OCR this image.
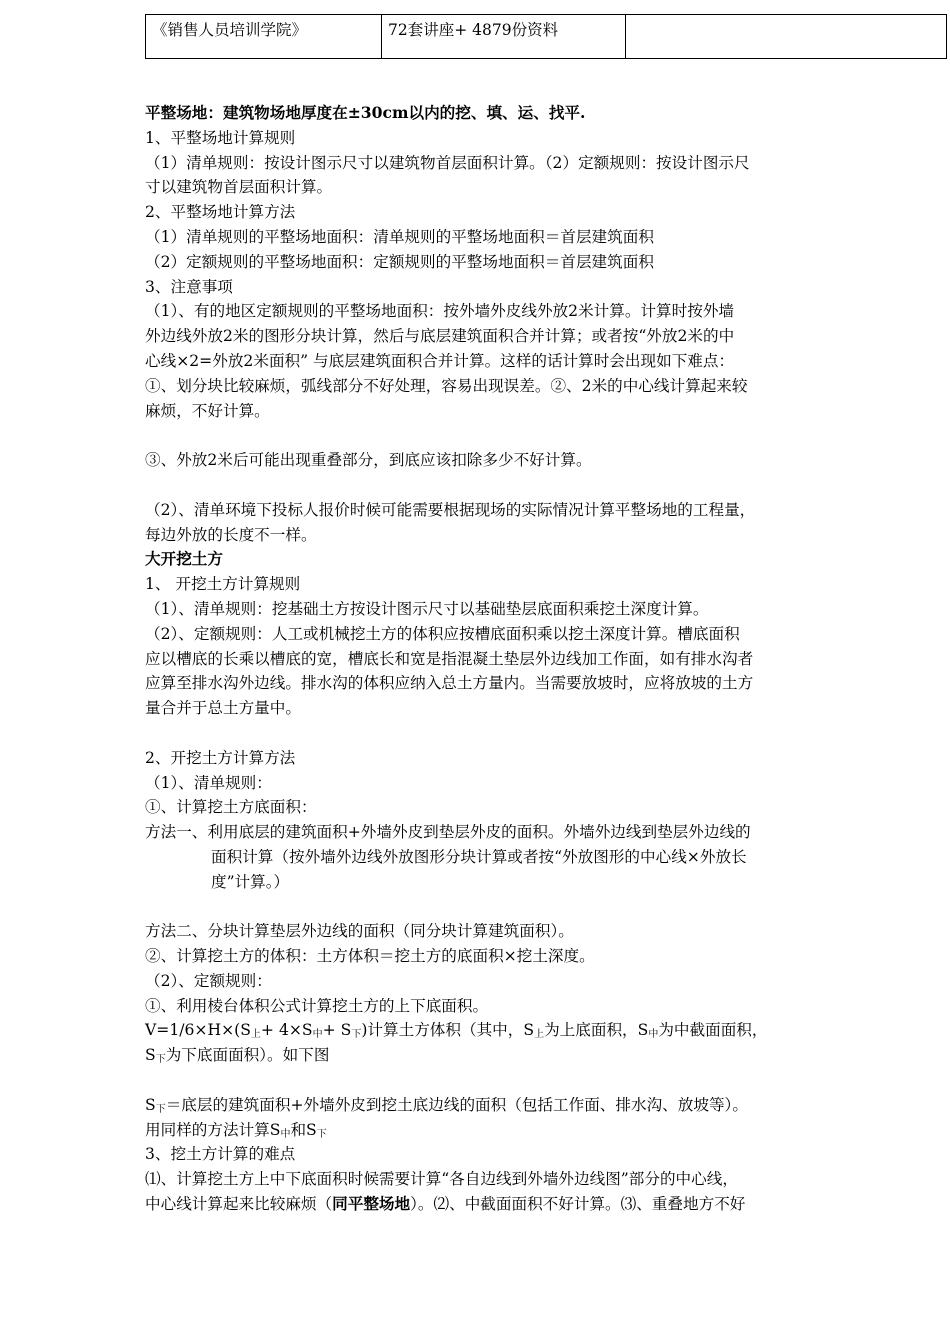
《销售人员培训学院》	72套讲座+ 4879份资料	

平整场地：建筑物场地厚度在±30cm以内的挖、填、运、找平.

1、平整场地计算规则

（1）清单规则：按设计图示尺寸以建筑物首层面积计算。（2）定额规则：按设计图示尺

寸以建筑物首层面积计算。

2、平整场地计算方法

（1）清单规则的平整场地面积：清单规则的平整场地面积＝首层建筑面积

（2）定额规则的平整场地面积：定额规则的平整场地面积＝首层建筑面积

3、注意事项

（1）、有的地区定额规则的平整场地面积：按外墙外皮线外放2米计算。计算时按外墙

外边线外放2米的图形分块计算，然后与底层建筑面积合并计算；或者按“外放2米的中

心线×2=外放2米面积” 与底层建筑面积合并计算。这样的话计算时会出现如下难点：

①、划分块比较麻烦，弧线部分不好处理，容易出现误差。②、2米的中心线计算起来较

麻烦，不好计算。

③、外放2米后可能出现重叠部分，到底应该扣除多少不好计算。

（2）、清单环境下投标人报价时候可能需要根据现场的实际情况计算平整场地的工程量，

每边外放的长度不一样。

大开挖土方

1、 开挖土方计算规则

（1）、清单规则：挖基础土方按设计图示尺寸以基础垫层底面积乘挖土深度计算。

（2）、定额规则：人工或机械挖土方的体积应按槽底面积乘以挖土深度计算。槽底面积

应以槽底的长乘以槽底的宽，槽底长和宽是指混凝土垫层外边线加工作面，如有排水沟者

应算至排水沟外边线。排水沟的体积应纳入总土方量内。当需要放坡时，应将放坡的土方

量合并于总土方量中。

2、开挖土方计算方法

（1）、清单规则：

①、计算挖土方底面积：

方法一、利用底层的建筑面积+外墙外皮到垫层外皮的面积。外墙外边线到垫层外边线的

面积计算（按外墙外边线外放图形分块计算或者按“外放图形的中心线×外放长

度”计算。）

方法二、分块计算垫层外边线的面积（同分块计算建筑面积）。

②、计算挖土方的体积：土方体积＝挖土方的底面积×挖土深度。

（2）、定额规则：

①、利用棱台体积公式计算挖土方的上下底面积。

$V=1/6\times H\times(S_上+ 4\times S_中+ S_下)$计算土方体积（其中，$S_上$为上底面积，$S_中$为中截面面积，

$S_下$为下底面面积）。如下图

$S_下=$底层的建筑面积+外墙外皮到挖土底边线的面积（包括工作面、排水沟、放坡等）。

用同样的方法计算$S_中$和$S_下$

3、挖土方计算的难点

⑴、计算挖土方上中下底面积时候需要计算“各自边线到外墙外边线图”部分的中心线，

中心线计算起来比较麻烦（同平整场地）。⑵、中截面面积不好计算。⑶、重叠地方不好
